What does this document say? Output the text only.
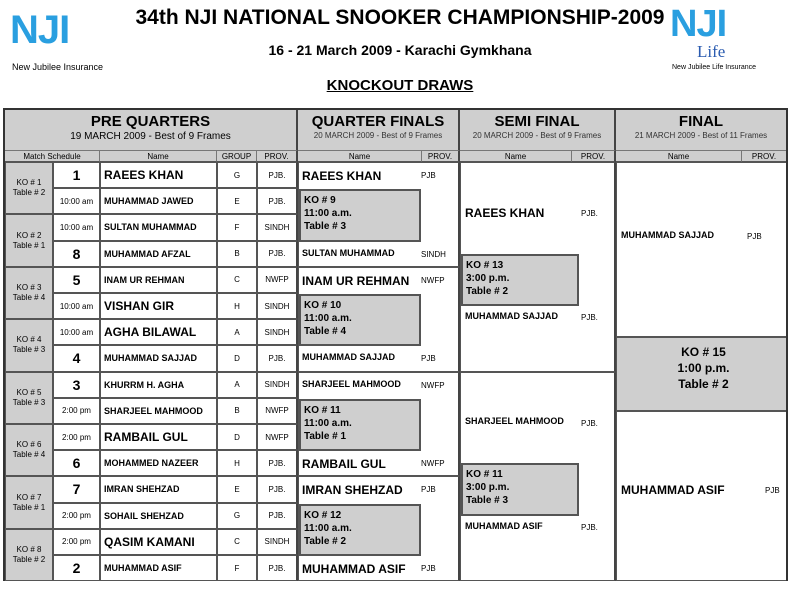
NJI
New Jubilee Insurance
34th NJI NATIONAL SNOOKER CHAMPIONSHIP-2009
16 - 21 March 2009 - Karachi Gymkhana
KNOCKOUT DRAWS
NJI
Life
New Jubilee Life Insurance
PRE QUARTERS
19 MARCH 2009 - Best of 9 Frames
QUARTER FINALS
20 MARCH 2009 - Best of 9 Frames
SEMI FINAL
20 MARCH 2009 - Best of 9 Frames
FINAL
21 MARCH 2009 - Best of 11 Frames
Match Schedule	Name	GROUP	PROV.	Name	PROV.	Name	PROV.	Name	PROV.
KO # 1
Table # 2
1	RAEES KHAN	G	PJB.
10:00 am	MUHAMMAD JAWED	E	PJB.
KO # 2
Table # 1
10:00 am	SULTAN MUHAMMAD	F	SINDH
8	MUHAMMAD AFZAL	B	PJB.
KO # 3
Table # 4
5	INAM UR REHMAN	C	NWFP
10:00 am VISHAN GIR	H	SINDH
KO # 4
Table # 3
10:00 am AGHA BILAWAL	A	SINDH
4	MUHAMMAD SAJJAD	D	PJB.
KO # 5
Table # 3
3	KHURRM H. AGHA	A	SINDH
2:00 pm	SHARJEEL MAHMOOD	B	NWFP
KO # 6
Table # 4
2:00 pm	RAMBAIL GUL	D	NWFP
6	MOHAMMED NAZEER	H	PJB.
KO # 7
Table # 1
7	IMRAN SHEHZAD	E	PJB.
2:00 pm	SOHAIL SHEHZAD	G	PJB.
KO # 8
Table # 2
2:00 pm	QASIM KAMANI	C	SINDH
2	MUHAMMAD ASIF	F	PJB.
RAEES KHAN	PJB
KO # 9
11:00 a.m.
Table # 3
SULTAN MUHAMMAD	SINDH
INAM UR REHMAN NWFP
KO # 10
11:00 a.m.
Table # 4
MUHAMMAD SAJJAD	PJB
SHARJEEL MAHMOOD	NWFP
KO # 11
11:00 a.m.
Table # 1
RAMBAIL GUL	NWFP
IMRAN SHEHZAD PJB
KO # 12
11:00 a.m.
Table # 2
MUHAMMAD ASIF PJB
RAEES KHAN	PJB.
KO # 13
3:00 p.m.
Table # 2
MUHAMMAD SAJJAD	PJB.
SHARJEEL MAHMOOD PJB.
KO # 11
3:00 p.m.
Table # 3
MUHAMMAD ASIF	PJB.
MUHAMMAD SAJJAD	PJB
KO # 15
1:00 p.m.
Table # 2
MUHAMMAD ASIF	PJB
